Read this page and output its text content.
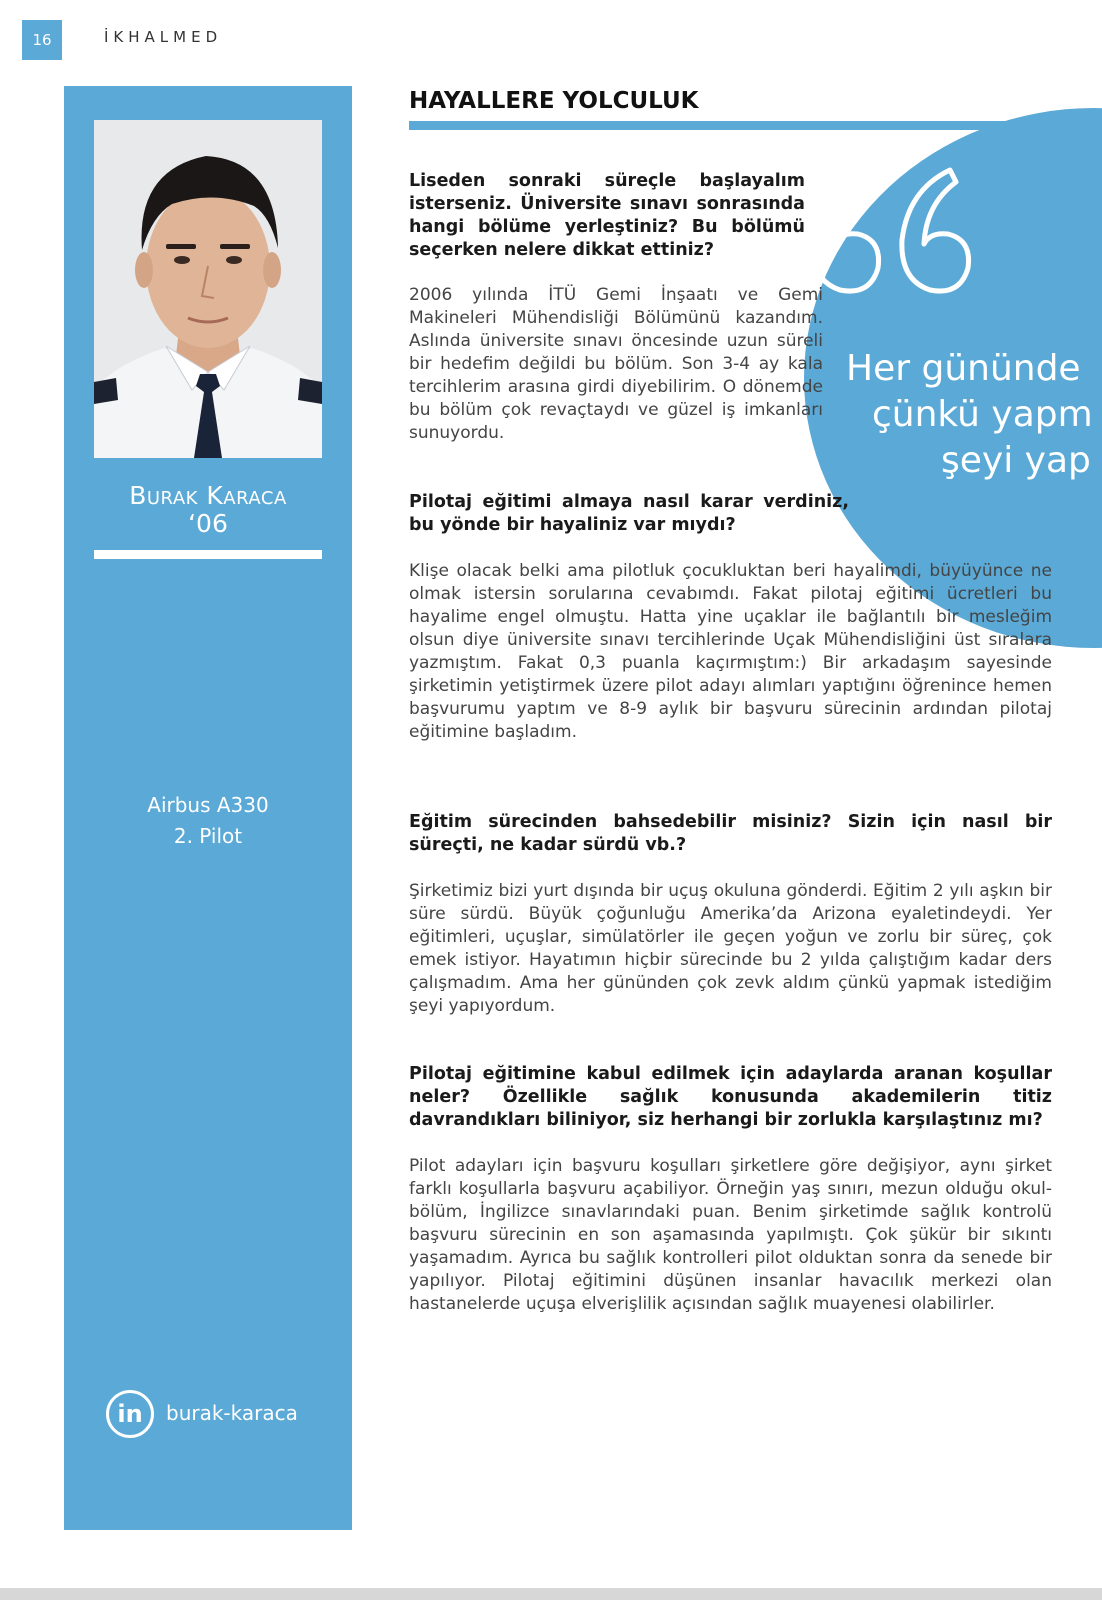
16	İKHALMED
Burak Karaca
‘06
Airbus A330
2. Pilot
in	burak-karaca
Her gününde
çünkü yapm
şeyi yap
HAYALLERE YOLCULUK
Liseden sonraki süreçle başlayalım isterseniz. Üniversite sınavı sonrasında hangi bölüme yerleştiniz? Bu bölümü seçerken nelere dikkat ettiniz?
2006 yılında İTÜ Gemi İnşaatı ve Gemi Makineleri Mühendisliği Bölümünü kazandım. Aslında üniversite sınavı öncesinde uzun süreli bir hedefim değildi bu bölüm. Son 3-4 ay kala tercihlerim arasına girdi diyebilirim. O dönemde bu bölüm çok revaçtaydı ve güzel iş imkanları sunuyordu.
Pilotaj eğitimi almaya nasıl karar verdiniz, bu yönde bir hayaliniz var mıydı?
Klişe olacak belki ama pilotluk çocukluktan beri hayalimdi, büyüyünce ne olmak istersin sorularına cevabımdı. Fakat pilotaj eğitimi ücretleri bu hayalime engel olmuştu. Hatta yine uçaklar ile bağlantılı bir mesleğim olsun diye üniversite sınavı tercihlerinde Uçak Mühendisliğini üst sıralara yazmıştım. Fakat 0,3 puanla kaçırmıştım:) Bir arkadaşım sayesinde şirketimin yetiştirmek üzere pilot adayı alımları yaptığını öğrenince hemen başvurumu yaptım ve 8-9 aylık bir başvuru sürecinin ardından pilotaj eğitimine başladım.
Eğitim sürecinden bahsedebilir misiniz? Sizin için nasıl bir süreçti, ne kadar sürdü vb.?
Şirketimiz bizi yurt dışında bir uçuş okuluna gönderdi. Eğitim 2 yılı aşkın bir süre sürdü. Büyük çoğunluğu Amerika’da Arizona eyaletindeydi. Yer eğitimleri, uçuşlar, simülatörler ile geçen yoğun ve zorlu bir süreç, çok emek istiyor. Hayatımın hiçbir sürecinde bu 2 yılda çalıştığım kadar ders çalışmadım. Ama her gününden çok zevk aldım çünkü yapmak istediğim şeyi yapıyordum.
Pilotaj eğitimine kabul edilmek için adaylarda aranan koşullar neler? Özellikle sağlık konusunda akademilerin titiz davrandıkları biliniyor, siz herhangi bir zorlukla karşılaştınız mı?
Pilot adayları için başvuru koşulları şirketlere göre değişiyor, aynı şirket farklı koşullarla başvuru açabiliyor. Örneğin yaş sınırı, mezun olduğu okul-bölüm, İngilizce sınavlarındaki puan. Benim şirketimde sağlık kontrolü başvuru sürecinin en son aşamasında yapılmıştı. Çok şükür bir sıkıntı yaşamadım. Ayrıca bu sağlık kontrolleri pilot olduktan sonra da senede bir yapılıyor. Pilotaj eğitimini düşünen insanlar havacılık merkezi olan hastanelerde uçuşa elverişlilik açısından sağlık muayenesi olabilirler.
